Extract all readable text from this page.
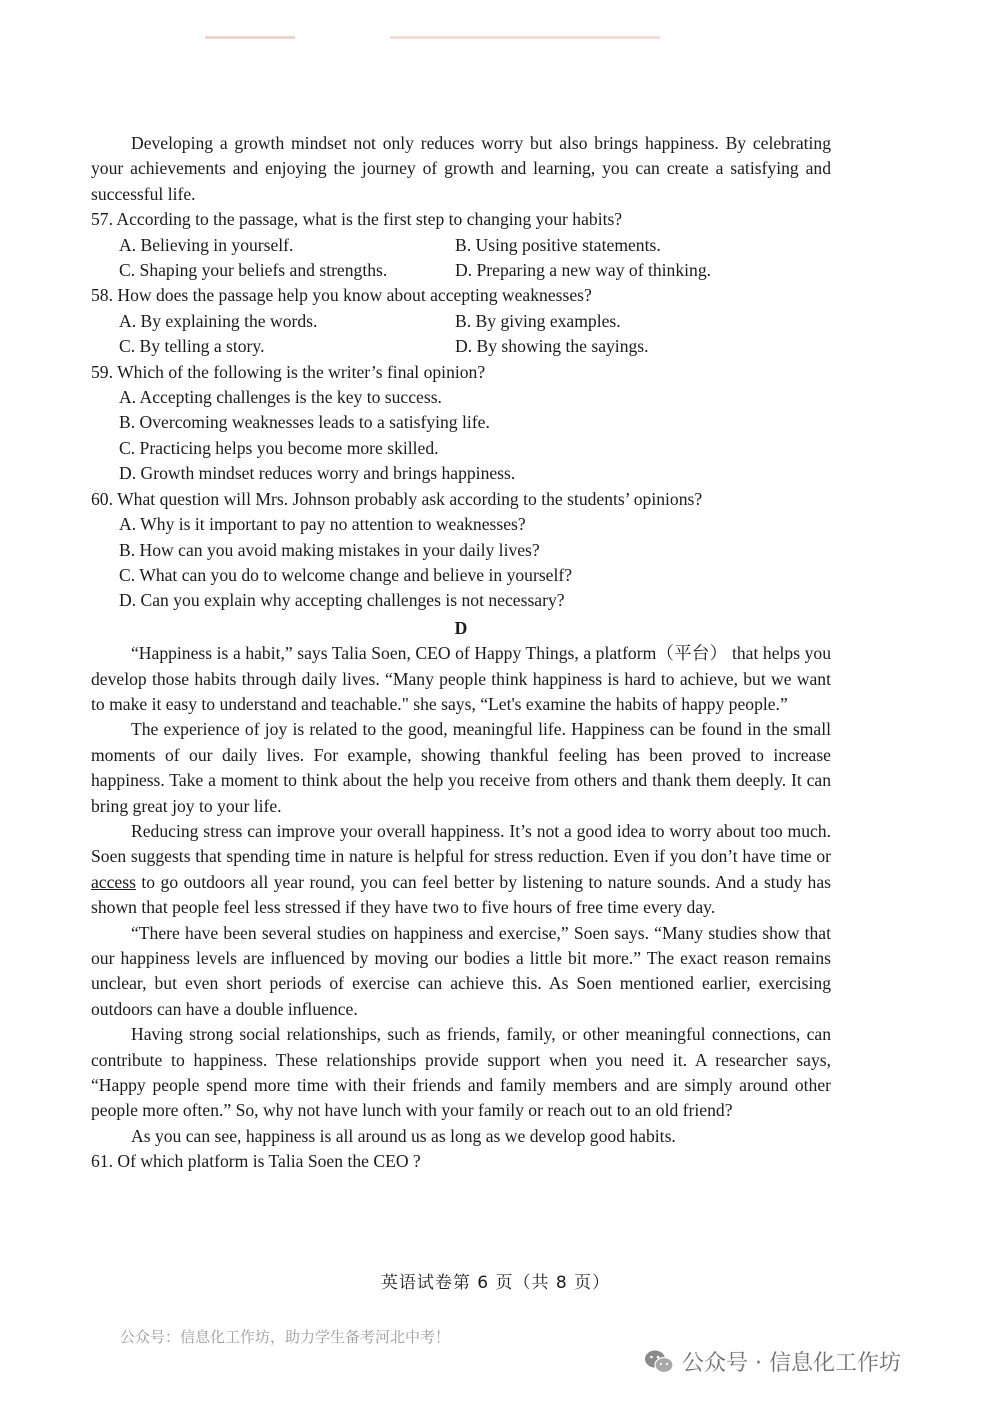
Developing a growth mindset not only reduces worry but also brings happiness. By celebrating your achievements and enjoying the journey of growth and learning, you can create a satisfying and successful life.

57. According to the passage, what is the first step to changing your habits?

A. Believing in yourself.	B. Using positive statements.
C. Shaping your beliefs and strengths.	D. Preparing a new way of thinking.

58. How does the passage help you know about accepting weaknesses?

A. By explaining the words.	B. By giving examples.
C. By telling a story.	D. By showing the sayings.

59. Which of the following is the writer’s final opinion?

A. Accepting challenges is the key to success.

B. Overcoming weaknesses leads to a satisfying life.

C. Practicing helps you become more skilled.

D. Growth mindset reduces worry and brings happiness.

60. What question will Mrs. Johnson probably ask according to the students’ opinions?

A. Why is it important to pay no attention to weaknesses?

B. How can you avoid making mistakes in your daily lives?

C. What can you do to welcome change and believe in yourself?

D. Can you explain why accepting challenges is not necessary?

D

“Happiness is a habit,” says Talia Soen, CEO of Happy Things, a platform（平台） that helps you develop those habits through daily lives. “Many people think happiness is hard to achieve, but we want to make it easy to understand and teachable." she says, “Let's examine the habits of happy people.”

The experience of joy is related to the good, meaningful life. Happiness can be found in the small moments of our daily lives. For example, showing thankful feeling has been proved to increase happiness. Take a moment to think about the help you receive from others and thank them deeply. It can bring great joy to your life.

Reducing stress can improve your overall happiness. It’s not a good idea to worry about too much. Soen suggests that spending time in nature is helpful for stress reduction. Even if you don’t have time or access to go outdoors all year round, you can feel better by listening to nature sounds. And a study has shown that people feel less stressed if they have two to five hours of free time every day.

“There have been several studies on happiness and exercise,” Soen says. “Many studies show that our happiness levels are influenced by moving our bodies a little bit more.” The exact reason remains unclear, but even short periods of exercise can achieve this. As Soen mentioned earlier, exercising outdoors can have a double influence.

Having strong social relationships, such as friends, family, or other meaningful connections, can contribute to happiness. These relationships provide support when you need it. A researcher says, “Happy people spend more time with their friends and family members and are simply around other people more often.” So, why not have lunch with your family or reach out to an old friend?

As you can see, happiness is all around us as long as we develop good habits.

61. Of which platform is Talia Soen the CEO ?

英语试卷第 6 页（共 8 页）
公众号：信息化工作坊，助力学生备考河北中考！
公众号 · 信息化工作坊
